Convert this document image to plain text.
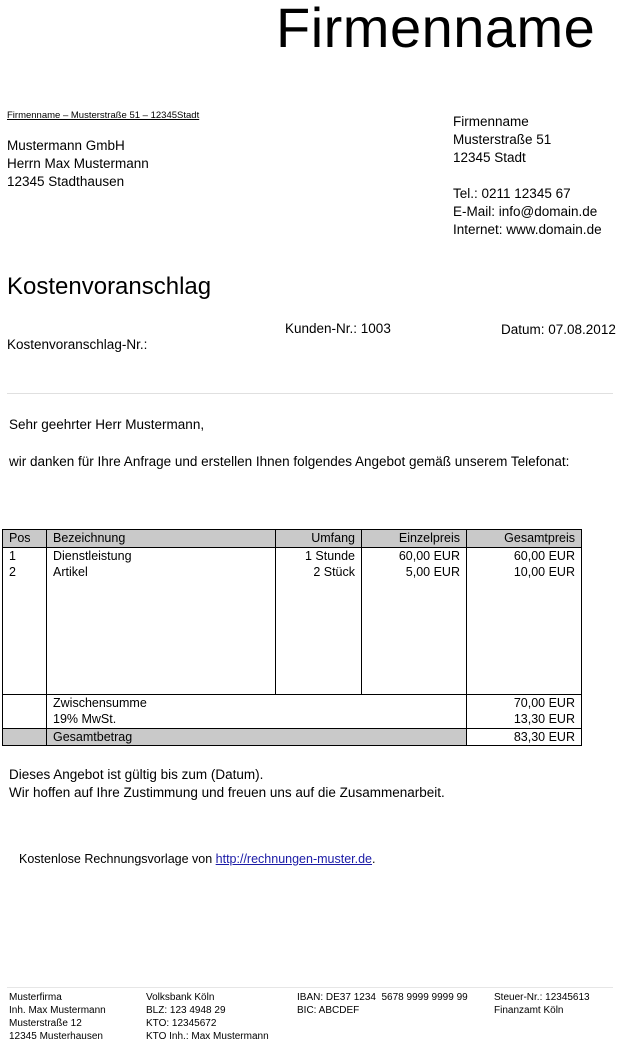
Firmenname
Firmenname – Musterstraße 51 – 12345Stadt
Mustermann GmbH
Herrn Max Mustermann
12345 Stadthausen
Firmenname
Musterstraße 51
12345 Stadt
Tel.: 0211 12345 67
E-Mail: info@domain.de
Internet: www.domain.de
Kostenvoranschlag
Kostenvoranschlag-Nr.:
Kunden-Nr.: 1003	Datum: 07.08.2012
Sehr geehrter Herr Mustermann,
wir danken für Ihre Anfrage und erstellen Ihnen folgendes Angebot gemäß unserem Telefonat:
Pos	Bezeichnung	Umfang	Einzelpreis	Gesamtpreis
1	Dienstleistung	1 Stunde	60,00 EUR	60,00 EUR
2	Artikel	2 Stück	5,00 EUR	10,00 EUR

	Zwischensumme			70,00 EUR
	19% MwSt.			13,30 EUR
	Gesamtbetrag			83,30 EUR
Dieses Angebot ist gültig bis zum (Datum).
Wir hoffen auf Ihre Zustimmung und freuen uns auf die Zusammenarbeit.
Kostenlose Rechnungsvorlage von http://rechnungen-muster.de.
Musterfirma
Inh. Max Mustermann
Musterstraße 12
12345 Musterhausen
Volksbank Köln
BLZ: 123 4948 29
KTO: 12345672
KTO Inh.: Max Mustermann
IBAN: DE37 1234  5678 9999 9999 99
BIC: ABCDEF
Steuer-Nr.: 12345613
Finanzamt Köln
